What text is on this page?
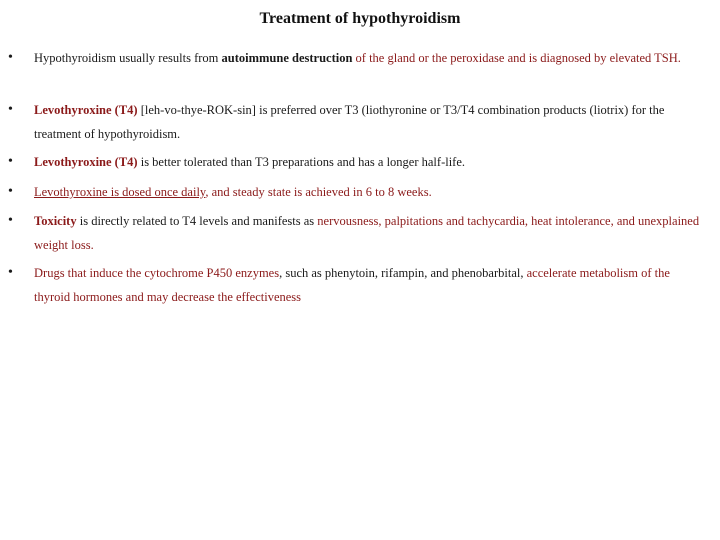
Treatment of hypothyroidism
• Hypothyroidism usually results from autoimmune destruction of the gland or the peroxidase and is diagnosed by elevated TSH.
• Levothyroxine (T4) [leh-vo-thye-ROK-sin] is preferred over T3 (liothyronine or T3/T4 combination products (liotrix) for the treatment of hypothyroidism.
• Levothyroxine (T4) is better tolerated than T3 preparations and has a longer half-life.
• Levothyroxine is dosed once daily, and steady state is achieved in 6 to 8 weeks.
• Toxicity is directly related to T4 levels and manifests as nervousness, palpitations and tachycardia, heat intolerance, and unexplained weight loss.
• Drugs that induce the cytochrome P450 enzymes, such as phenytoin, rifampin, and phenobarbital, accelerate metabolism of the thyroid hormones and may decrease the effectiveness
